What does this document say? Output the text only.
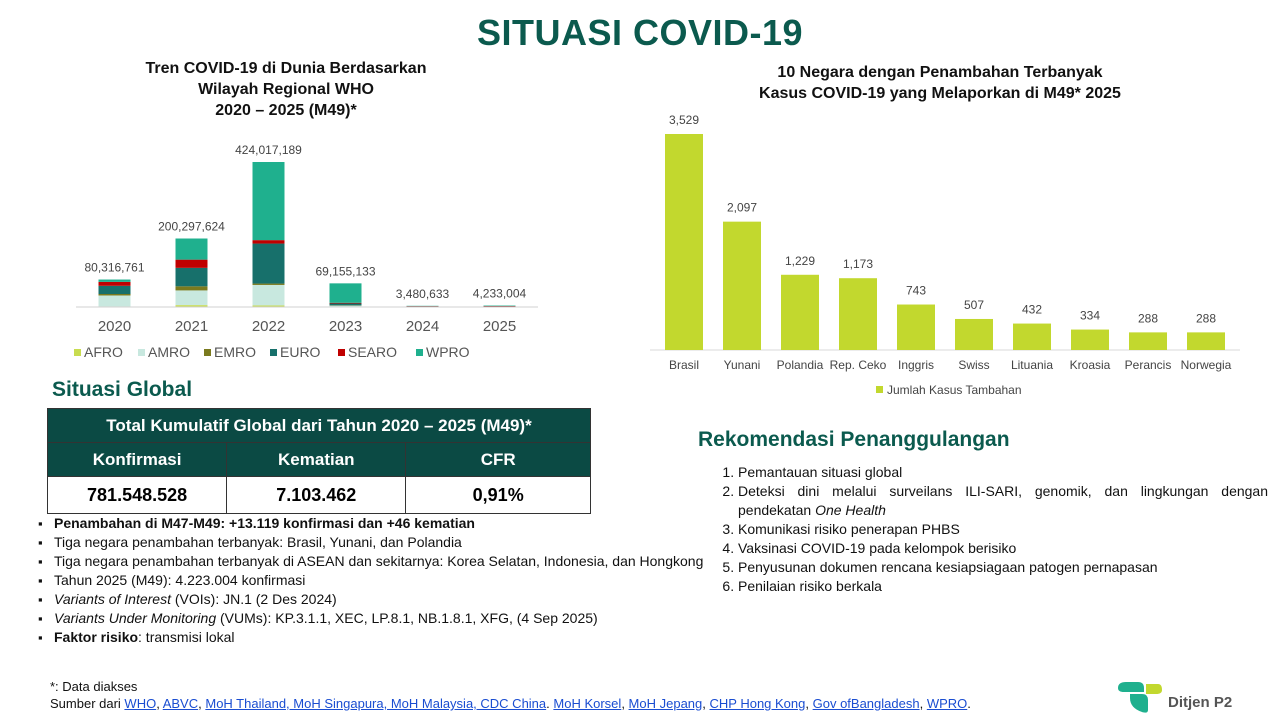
SITUASI COVID-19
Tren COVID-19 di Dunia Berdasarkan
Wilayah Regional WHO
2020 – 2025 (M49)*
80,316,761
2020
200,297,624
2021
424,017,189
2022
69,155,133
2023
3,480,633
2024
4,233,004
2025
AFRO AMRO EMRO EURO SEARO WPRO
10 Negara dengan Penambahan Terbanyak
Kasus COVID-19 yang Melaporkan di M49* 2025
3,529
Brasil
2,097
Yunani
1,229
Polandia
1,173
Rep. Ceko
743
Inggris
507
Swiss
432
Lituania
334
Kroasia
288
Perancis
288
Norwegia
Jumlah Kasus Tambahan
Situasi Global
Total Kumulatif Global dari Tahun 2020 – 2025 (M49)*		
Konfirmasi	Kematian	CFR
781.548.528	7.103.462	0,91%
▪ Penambahan di M47-M49: +13.119 konfirmasi dan +46 kematian
▪ Tiga negara penambahan terbanyak: Brasil, Yunani, dan Polandia
▪ Tiga negara penambahan terbanyak di ASEAN dan sekitarnya: Korea Selatan, Indonesia, dan Hongkong
▪ Tahun 2025 (M49): 4.223.004 konfirmasi
▪ Variants of Interest (VOIs): JN.1 (2 Des 2024)
▪ Variants Under Monitoring (VUMs): KP.3.1.1, XEC, LP.8.1, NB.1.8.1, XFG, (4 Sep 2025)
▪ Faktor risiko: transmisi lokal
Rekomendasi Penanggulangan
1. Pemantauan situasi global
2. Deteksi dini melalui surveilans ILI-SARI, genomik, dan lingkungan dengan pendekatan One Health
3. Komunikasi risiko penerapan PHBS
4. Vaksinasi COVID-19 pada kelompok berisiko
5. Penyusunan dokumen rencana kesiapsiagaan patogen pernapasan
6. Penilaian risiko berkala
*: Data diakses
Sumber dari WHO, ABVC, MoH Thailand, MoH Singapura, MoH Malaysia, CDC China. MoH Korsel, MoH Jepang, CHP Hong Kong, Gov ofBangladesh, WPRO.	Ditjen P2
